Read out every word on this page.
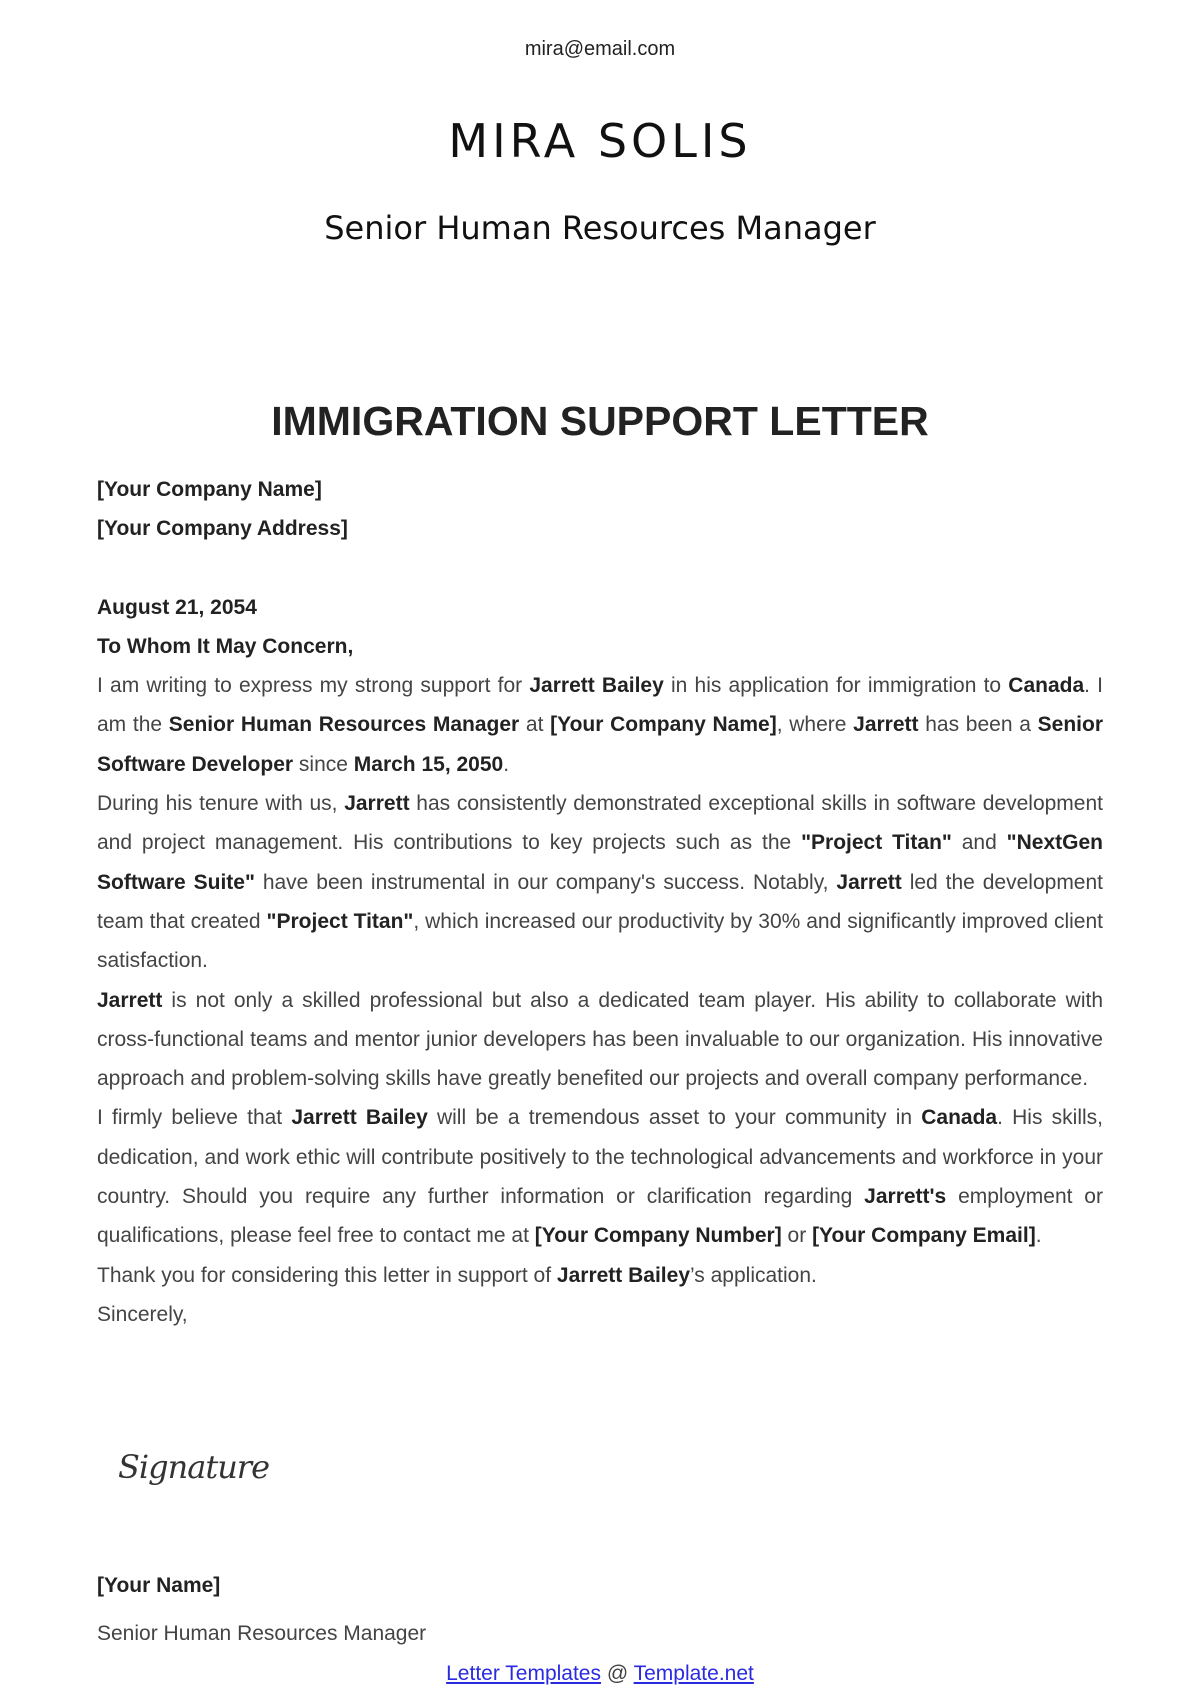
mira@email.com
MIRA SOLIS
Senior Human Resources Manager
IMMIGRATION SUPPORT LETTER

[Your Company Name]

[Your Company Address]

August 21, 2054

To Whom It May Concern,

I am writing to express my strong support for Jarrett Bailey in his application for immigration to Canada. I am the Senior Human Resources Manager at [Your Company Name], where Jarrett has been a Senior Software Developer since March 15, 2050.

During his tenure with us, Jarrett has consistently demonstrated exceptional skills in software development and project management. His contributions to key projects such as the "Project Titan" and "NextGen Software Suite" have been instrumental in our company's success. Notably, Jarrett led the development team that created "Project Titan", which increased our productivity by 30% and significantly improved client satisfaction.

Jarrett is not only a skilled professional but also a dedicated team player. His ability to collaborate with cross-functional teams and mentor junior developers has been invaluable to our organization. His innovative approach and problem-solving skills have greatly benefited our projects and overall company performance.

I firmly believe that Jarrett Bailey will be a tremendous asset to your community in Canada. His skills, dedication, and work ethic will contribute positively to the technological advancements and workforce in your country. Should you require any further information or clarification regarding Jarrett's employment or qualifications, please feel free to contact me at [Your Company Number] or [Your Company Email].

Thank you for considering this letter in support of Jarrett Bailey’s application.

Sincerely,

Signature
[Your Name]
Senior Human Resources Manager
Letter Templates @ Template.net
